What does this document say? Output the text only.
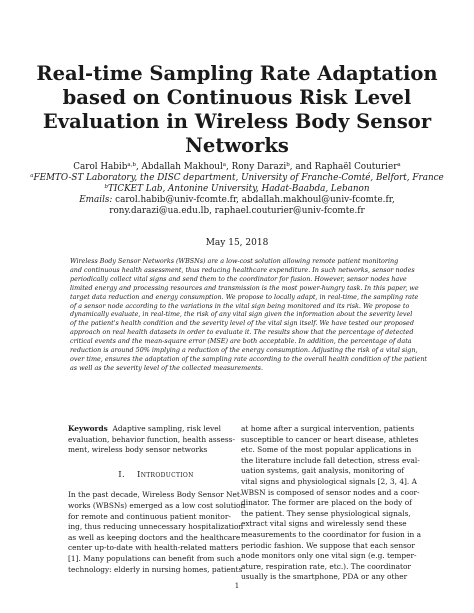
Real-time Sampling Rate Adaptation
based on Continuous Risk Level
Evaluation in Wireless Body Sensor
Networks
Carol Habib$^{a,b}$, Abdallah Makhoul$^a$, Rony Darazi$^b$, and Raphaël Couturier$^a$
$^a$FEMTO-ST Laboratory, the DISC department, University of Franche-Comté, Belfort, France
$^b$TICKET Lab, Antonine University, Hadat-Baabda, Lebanon
Emails: carol.habib@univ-fcomte.fr, abdallah.makhoul@univ-fcomte.fr,
rony.darazi@ua.edu.lb, raphael.couturier@univ-fcomte.fr
May 15, 2018
Wireless Body Sensor Networks (WBSNs) are a low-cost solution allowing remote patient monitoring
and continuous health assessment, thus reducing healthcare expenditure. In such networks, sensor nodes
periodically collect vital signs and send them to the coordinator for fusion. However, sensor nodes have
limited energy and processing resources and transmission is the most power-hungry task. In this paper, we
target data reduction and energy consumption. We propose to locally adapt, in real-time, the sampling rate
of a sensor node according to the variations in the vital sign being monitored and its risk. We propose to
dynamically evaluate, in real-time, the risk of any vital sign given the information about the severity level
of the patient's health condition and the severity level of the vital sign itself. We have tested our proposed
approach on real health datasets in order to evaluate it. The results show that the percentage of detected
critical events and the mean-square error (MSE) are both acceptable. In addition, the percentage of data
reduction is around 50% implying a reduction of the energy consumption. Adjusting the risk of a vital sign,
over time, ensures the adaptation of the sampling rate according to the overall health condition of the patient
as well as the severity level of the collected measurements.
Keywords Adaptive sampling, risk level
evaluation, behavior function, health assess-
ment, wireless body sensor networks
I. Introduction
In the past decade, Wireless Body Sensor Net-
works (WBSNs) emerged as a low cost solution
for remote and continuous patient monitor-
ing, thus reducing unnecessary hospitalization
as well as keeping doctors and the healthcare
center up-to-date with health-related matters
[1]. Many populations can benefit from such a
technology: elderly in nursing homes, patients
at home after a surgical intervention, patients
susceptible to cancer or heart disease, athletes
etc. Some of the most popular applications in
the literature include fall detection, stress eval-
uation systems, gait analysis, monitoring of
vital signs and physiological signals [2, 3, 4]. A
WBSN is composed of sensor nodes and a coor-
dinator. The former are placed on the body of
the patient. They sense physiological signals,
extract vital signs and wirelessly send these
measurements to the coordinator for fusion in a
periodic fashion. We suppose that each sensor
node monitors only one vital sign (e.g. temper-
ature, respiration rate, etc.). The coordinator
usually is the smartphone, PDA or any other
1
